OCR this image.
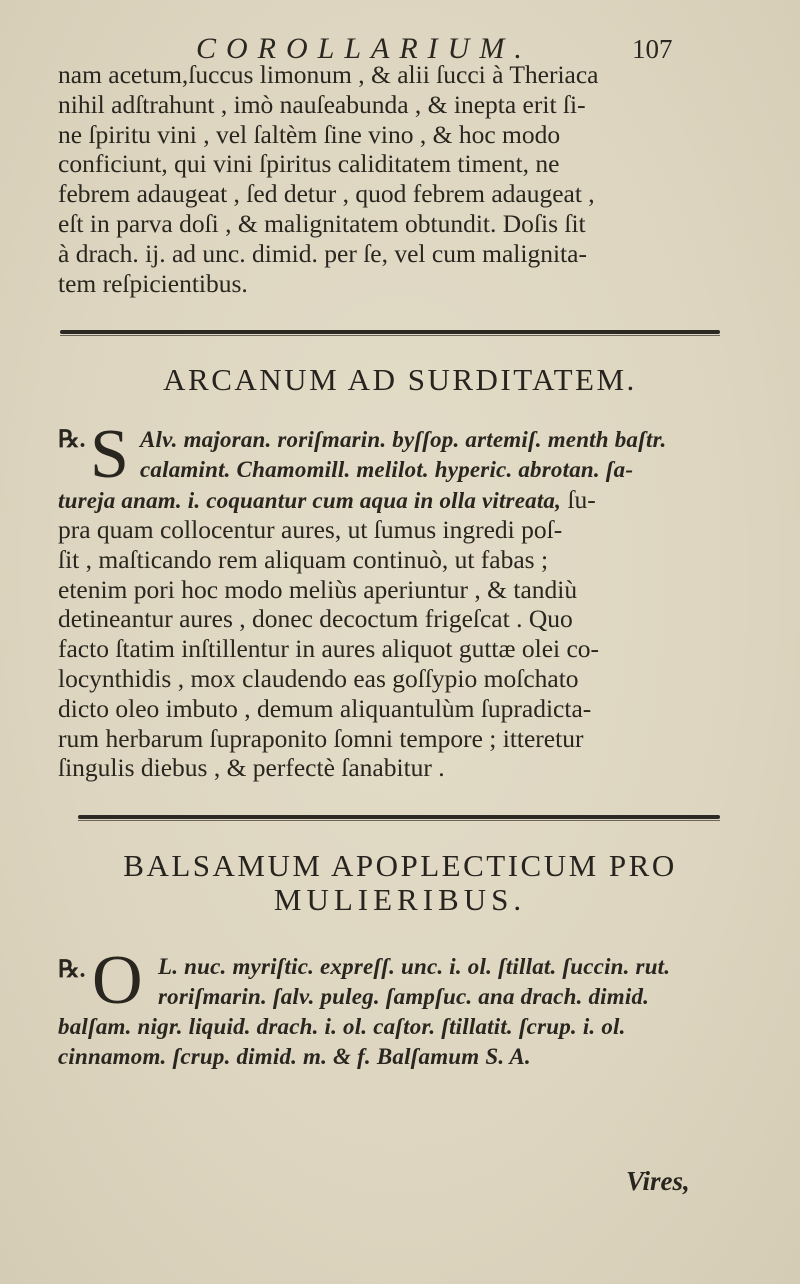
COROLLARIUM.	107
nam acetum,ſuccus limonum , & alii ſucci à Theriaca
nihil adſtrahunt , imò nauſeabunda , & inepta erit ſi-
ne ſpiritu vini , vel ſaltèm ſine vino , & hoc modo
conficiunt, qui vini ſpiritus caliditatem timent, ne
febrem adaugeat , ſed detur , quod febrem adaugeat ,
eſt in parva doſi , & malignitatem obtundit. Doſis ſit
à drach. ij. ad unc. dimid. per ſe, vel cum malignita-
tem reſpicientibus.
ARCANUM AD SURDITATEM.
℞. S Alv. majoran. roriſmarin. byſſop. artemiſ. menth baſtr.
calamint. Chamomill. melilot. hyperic. abrotan. ſa-
tureja anam. i. coquantur cum aqua in olla vitreata, ſu-
pra quam collocentur aures, ut ſumus ingredi poſ-
ſit , maſticando rem aliquam continuò, ut fabas ;
etenim pori hoc modo meliùs aperiuntur , & tandiù
detineantur aures , donec decoctum frigeſcat . Quo
facto ſtatim inſtillentur in aures aliquot guttæ olei co-
locynthidis , mox claudendo eas goſſypio moſchato
dicto oleo imbuto , demum aliquantulùm ſupradicta-
rum herbarum ſupraponito ſomni tempore ; itteretur
ſingulis diebus , & perfectè ſanabitur .
BALSAMUM APOPLECTICUM PRO
MULIERIBUS.
℞. O L. nuc. myriſtic. expreſſ. unc. i. ol. ſtillat. ſuccin. rut.
roriſmarin. ſalv. puleg. ſampſuc. ana drach. dimid.
balſam. nigr. liquid. drach. i. ol. caſtor. ſtillatit. ſcrup. i. ol.
cinnamom. ſcrup. dimid. m. & f. Balſamum S. A.
Vires,
